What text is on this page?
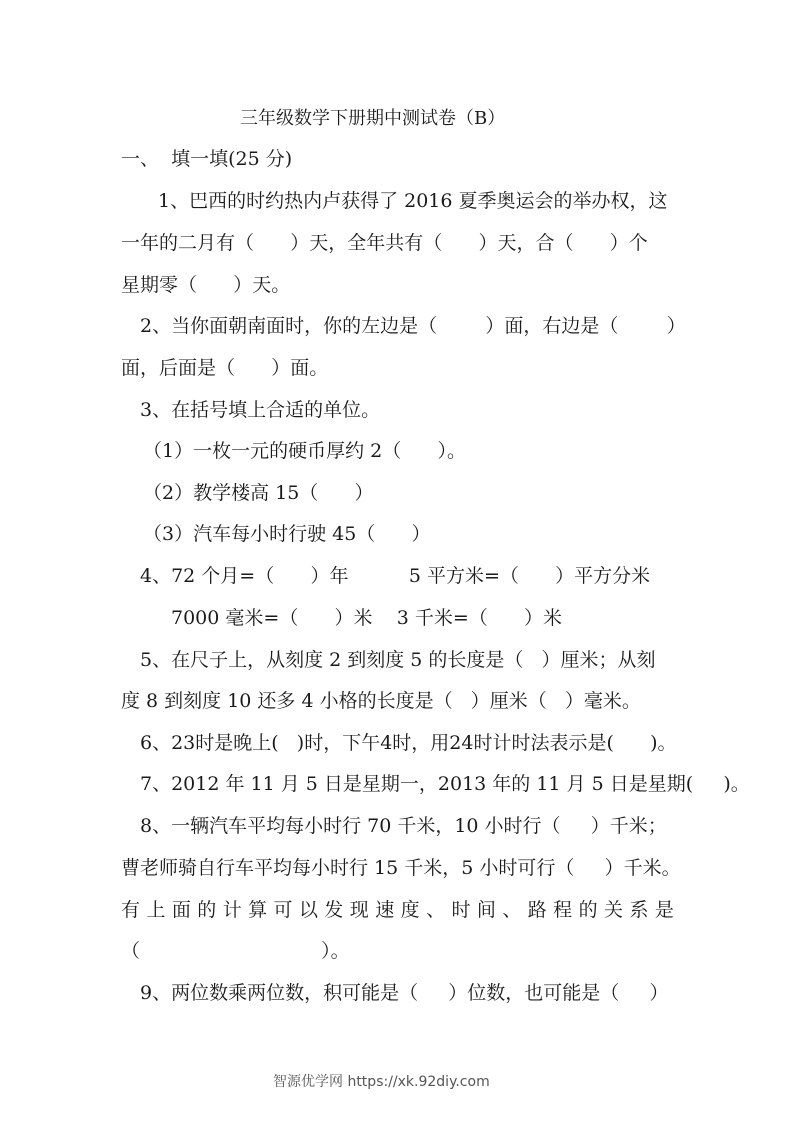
三年级数学下册期中测试卷（B）
一、  填一填(25 分)
1、巴西的时约热内卢获得了 2016 夏季奥运会的举办权，这
一年的二月有（      ）天，全年共有（      ）天，合（      ）个
星期零（      ）天。
2、当你面朝南面时，你的左边是（        ）面，右边是（        ）
面，后面是（      ）面。
3、在括号填上合适的单位。
（1）一枚一元的硬币厚约 2（      ）。
（2）教学楼高 15（      ）
（3）汽车每小时行驶 45（      ）
4、72 个月=（      ）年          5 平方米=（      ）平方分米
7000 毫米=（      ）米    3 千米=（      ）米
5、在尺子上，从刻度 2 到刻度 5 的长度是（   ）厘米；从刻
度 8 到刻度 10 还多 4 小格的长度是（   ）厘米（   ）毫米。
6、23时是晚上(   )时，下午4时，用24时计时法表示是(      )。
7、2012 年 11 月 5 日是星期一，2013 年的 11 月 5 日是星期(     )。
8、一辆汽车平均每小时行 70 千米，10 小时行（     ）千米；
曹老师骑自行车平均每小时行 15 千米，5 小时可行（     ）千米。
有 上 面 的 计 算 可 以 发 现 速 度 、 时 间 、 路 程 的 关 系 是
（                              ）。
9、两位数乘两位数，积可能是（     ）位数，也可能是（     ）
智源优学网 https://xk.92diy.com
